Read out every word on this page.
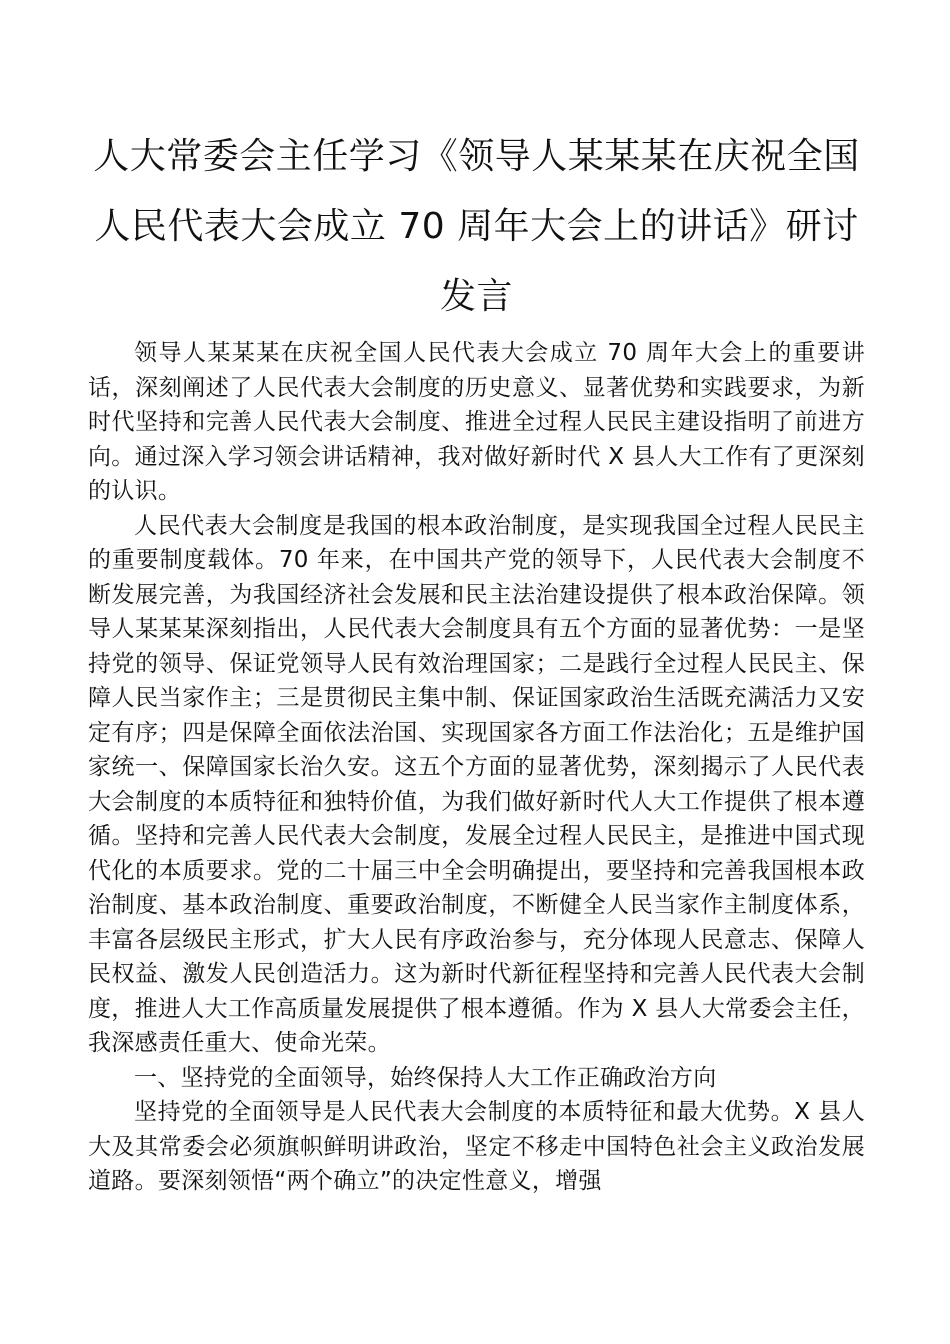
人大常委会主任学习《领导人某某某在庆祝全国人民代表大会成立 70 周年大会上的讲话》研讨发言

领导人某某某在庆祝全国人民代表大会成立 70 周年大会上的重要讲话，深刻阐述了人民代表大会制度的历史意义、显著优势和实践要求，为新时代坚持和完善人民代表大会制度、推进全过程人民民主建设指明了前进方向。通过深入学习领会讲话精神，我对做好新时代 X 县人大工作有了更深刻的认识。

人民代表大会制度是我国的根本政治制度，是实现我国全过程人民民主的重要制度载体。70 年来，在中国共产党的领导下，人民代表大会制度不断发展完善，为我国经济社会发展和民主法治建设提供了根本政治保障。领导人某某某深刻指出，人民代表大会制度具有五个方面的显著优势：一是坚持党的领导、保证党领导人民有效治理国家；二是践行全过程人民民主、保障人民当家作主；三是贯彻民主集中制、保证国家政治生活既充满活力又安定有序；四是保障全面依法治国、实现国家各方面工作法治化；五是维护国家统一、保障国家长治久安。这五个方面的显著优势，深刻揭示了人民代表大会制度的本质特征和独特价值，为我们做好新时代人大工作提供了根本遵循。坚持和完善人民代表大会制度，发展全过程人民民主，是推进中国式现代化的本质要求。党的二十届三中全会明确提出，要坚持和完善我国根本政治制度、基本政治制度、重要政治制度，不断健全人民当家作主制度体系，丰富各层级民主形式，扩大人民有序政治参与，充分体现人民意志、保障人民权益、激发人民创造活力。这为新时代新征程坚持和完善人民代表大会制度，推进人大工作高质量发展提供了根本遵循。作为 X 县人大常委会主任，我深感责任重大、使命光荣。

一、坚持党的全面领导，始终保持人大工作正确政治方向

坚持党的全面领导是人民代表大会制度的本质特征和最大优势。X 县人大及其常委会必须旗帜鲜明讲政治，坚定不移走中国特色社会主义政治发展道路。要深刻领悟“两个确立”的决定性意义，增强
